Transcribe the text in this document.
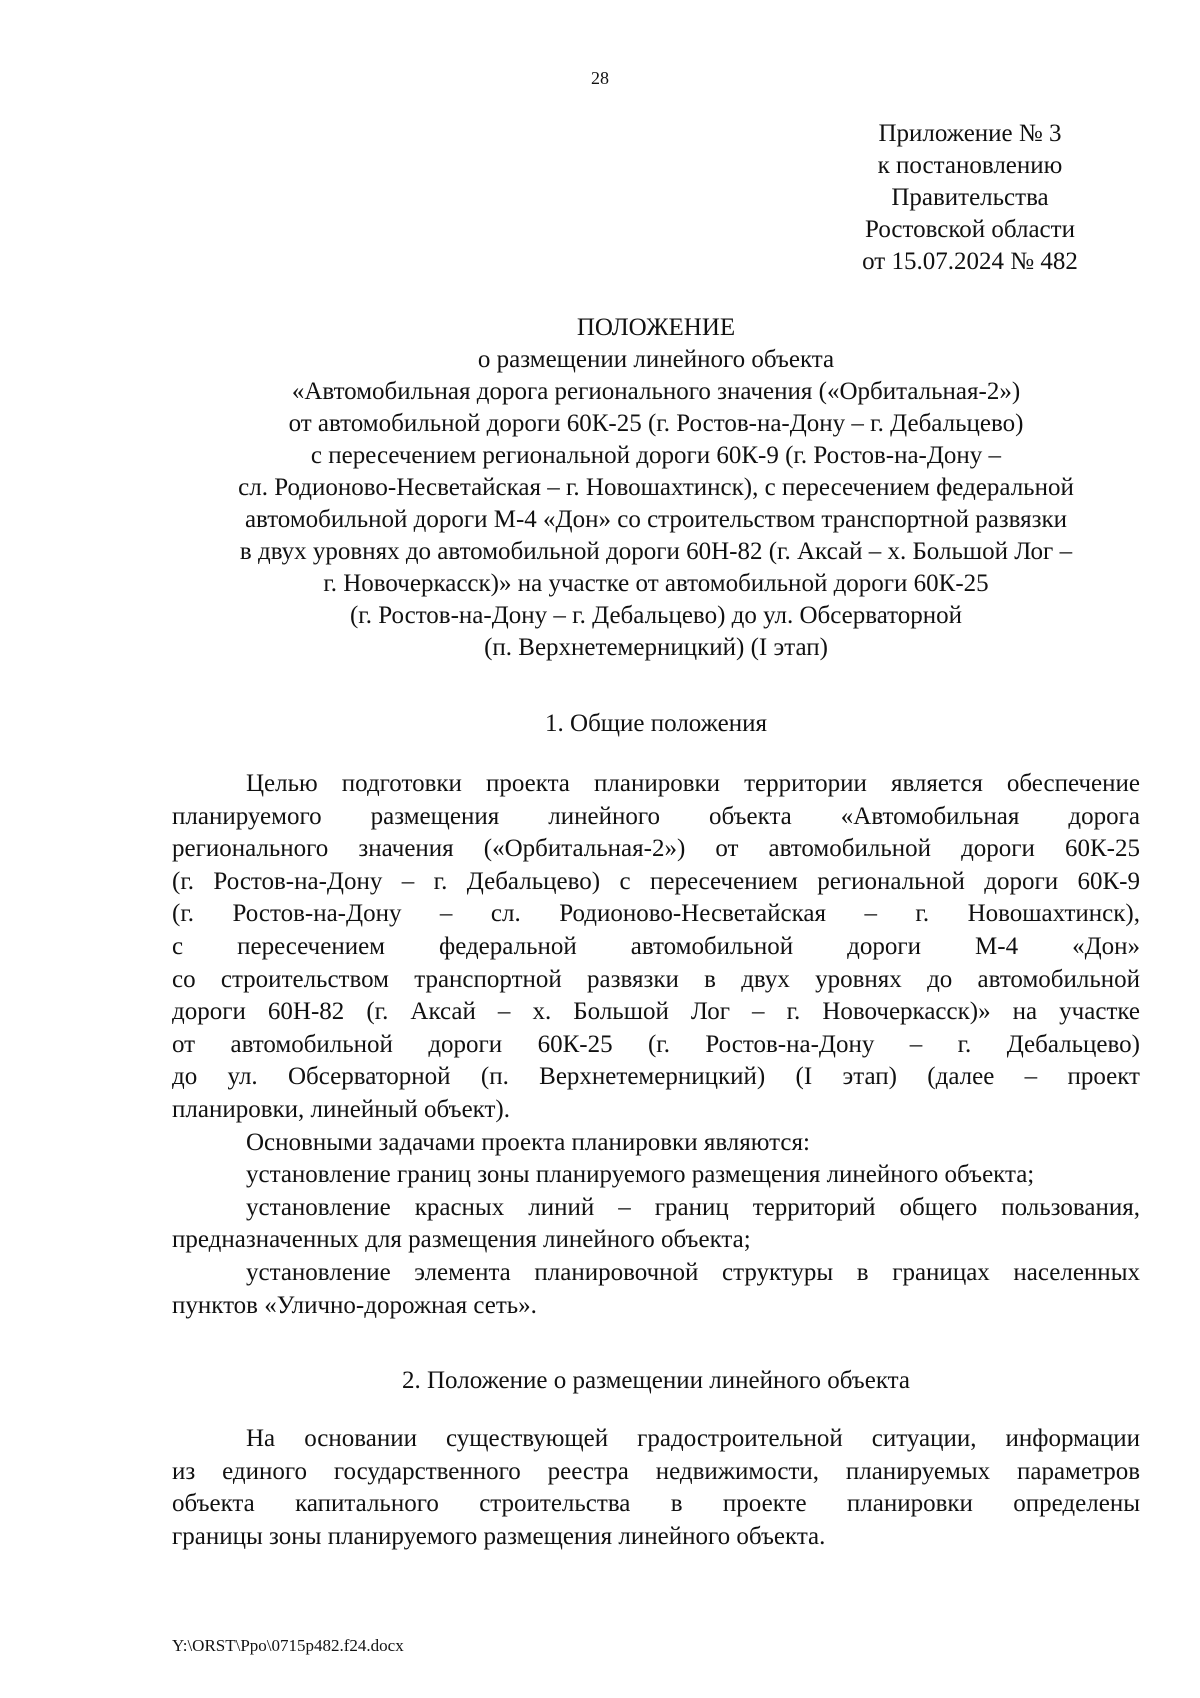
28
Приложение № 3
к постановлению
Правительства
Ростовской области
от 15.07.2024 № 482
ПОЛОЖЕНИЕ
о размещении линейного объекта
«Автомобильная дорога регионального значения («Орбитальная-2»)
от автомобильной дороги 60К-25 (г. Ростов-на-Дону – г. Дебальцево)
с пересечением региональной дороги 60К-9 (г. Ростов-на-Дону –
сл. Родионово-Несветайская – г. Новошахтинск), с пересечением федеральной
автомобильной дороги М-4 «Дон» со строительством транспортной развязки
в двух уровнях до автомобильной дороги 60Н-82 (г. Аксай – х. Большой Лог –
г. Новочеркасск)» на участке от автомобильной дороги 60К-25
(г. Ростов-на-Дону – г. Дебальцево) до ул. Обсерваторной
(п. Верхнетемерницкий) (I этап)
1. Общие положения
Целью подготовки проекта планировки территории является обеспечение
планируемого размещения линейного объекта «Автомобильная дорога
регионального значения («Орбитальная-2») от автомобильной дороги 60К-25
(г. Ростов-на-Дону – г. Дебальцево) с пересечением региональной дороги 60К-9
(г. Ростов-на-Дону – сл. Родионово-Несветайская – г. Новошахтинск),
с пересечением федеральной автомобильной дороги М-4 «Дон»
со строительством транспортной развязки в двух уровнях до автомобильной
дороги 60Н-82 (г. Аксай – х. Большой Лог – г. Новочеркасск)» на участке
от автомобильной дороги 60К-25 (г. Ростов-на-Дону – г. Дебальцево)
до ул. Обсерваторной (п. Верхнетемерницкий) (I этап) (далее – проект
планировки, линейный объект).
Основными задачами проекта планировки являются:
установление границ зоны планируемого размещения линейного объекта;
установление красных линий – границ территорий общего пользования,
предназначенных для размещения линейного объекта;
установление элемента планировочной структуры в границах населенных
пунктов «Улично-дорожная сеть».
2. Положение о размещении линейного объекта
На основании существующей градостроительной ситуации, информации
из единого государственного реестра недвижимости, планируемых параметров
объекта капитального строительства в проекте планировки определены
границы зоны планируемого размещения линейного объекта.
Y:\ORST\Ppo\0715p482.f24.docx
